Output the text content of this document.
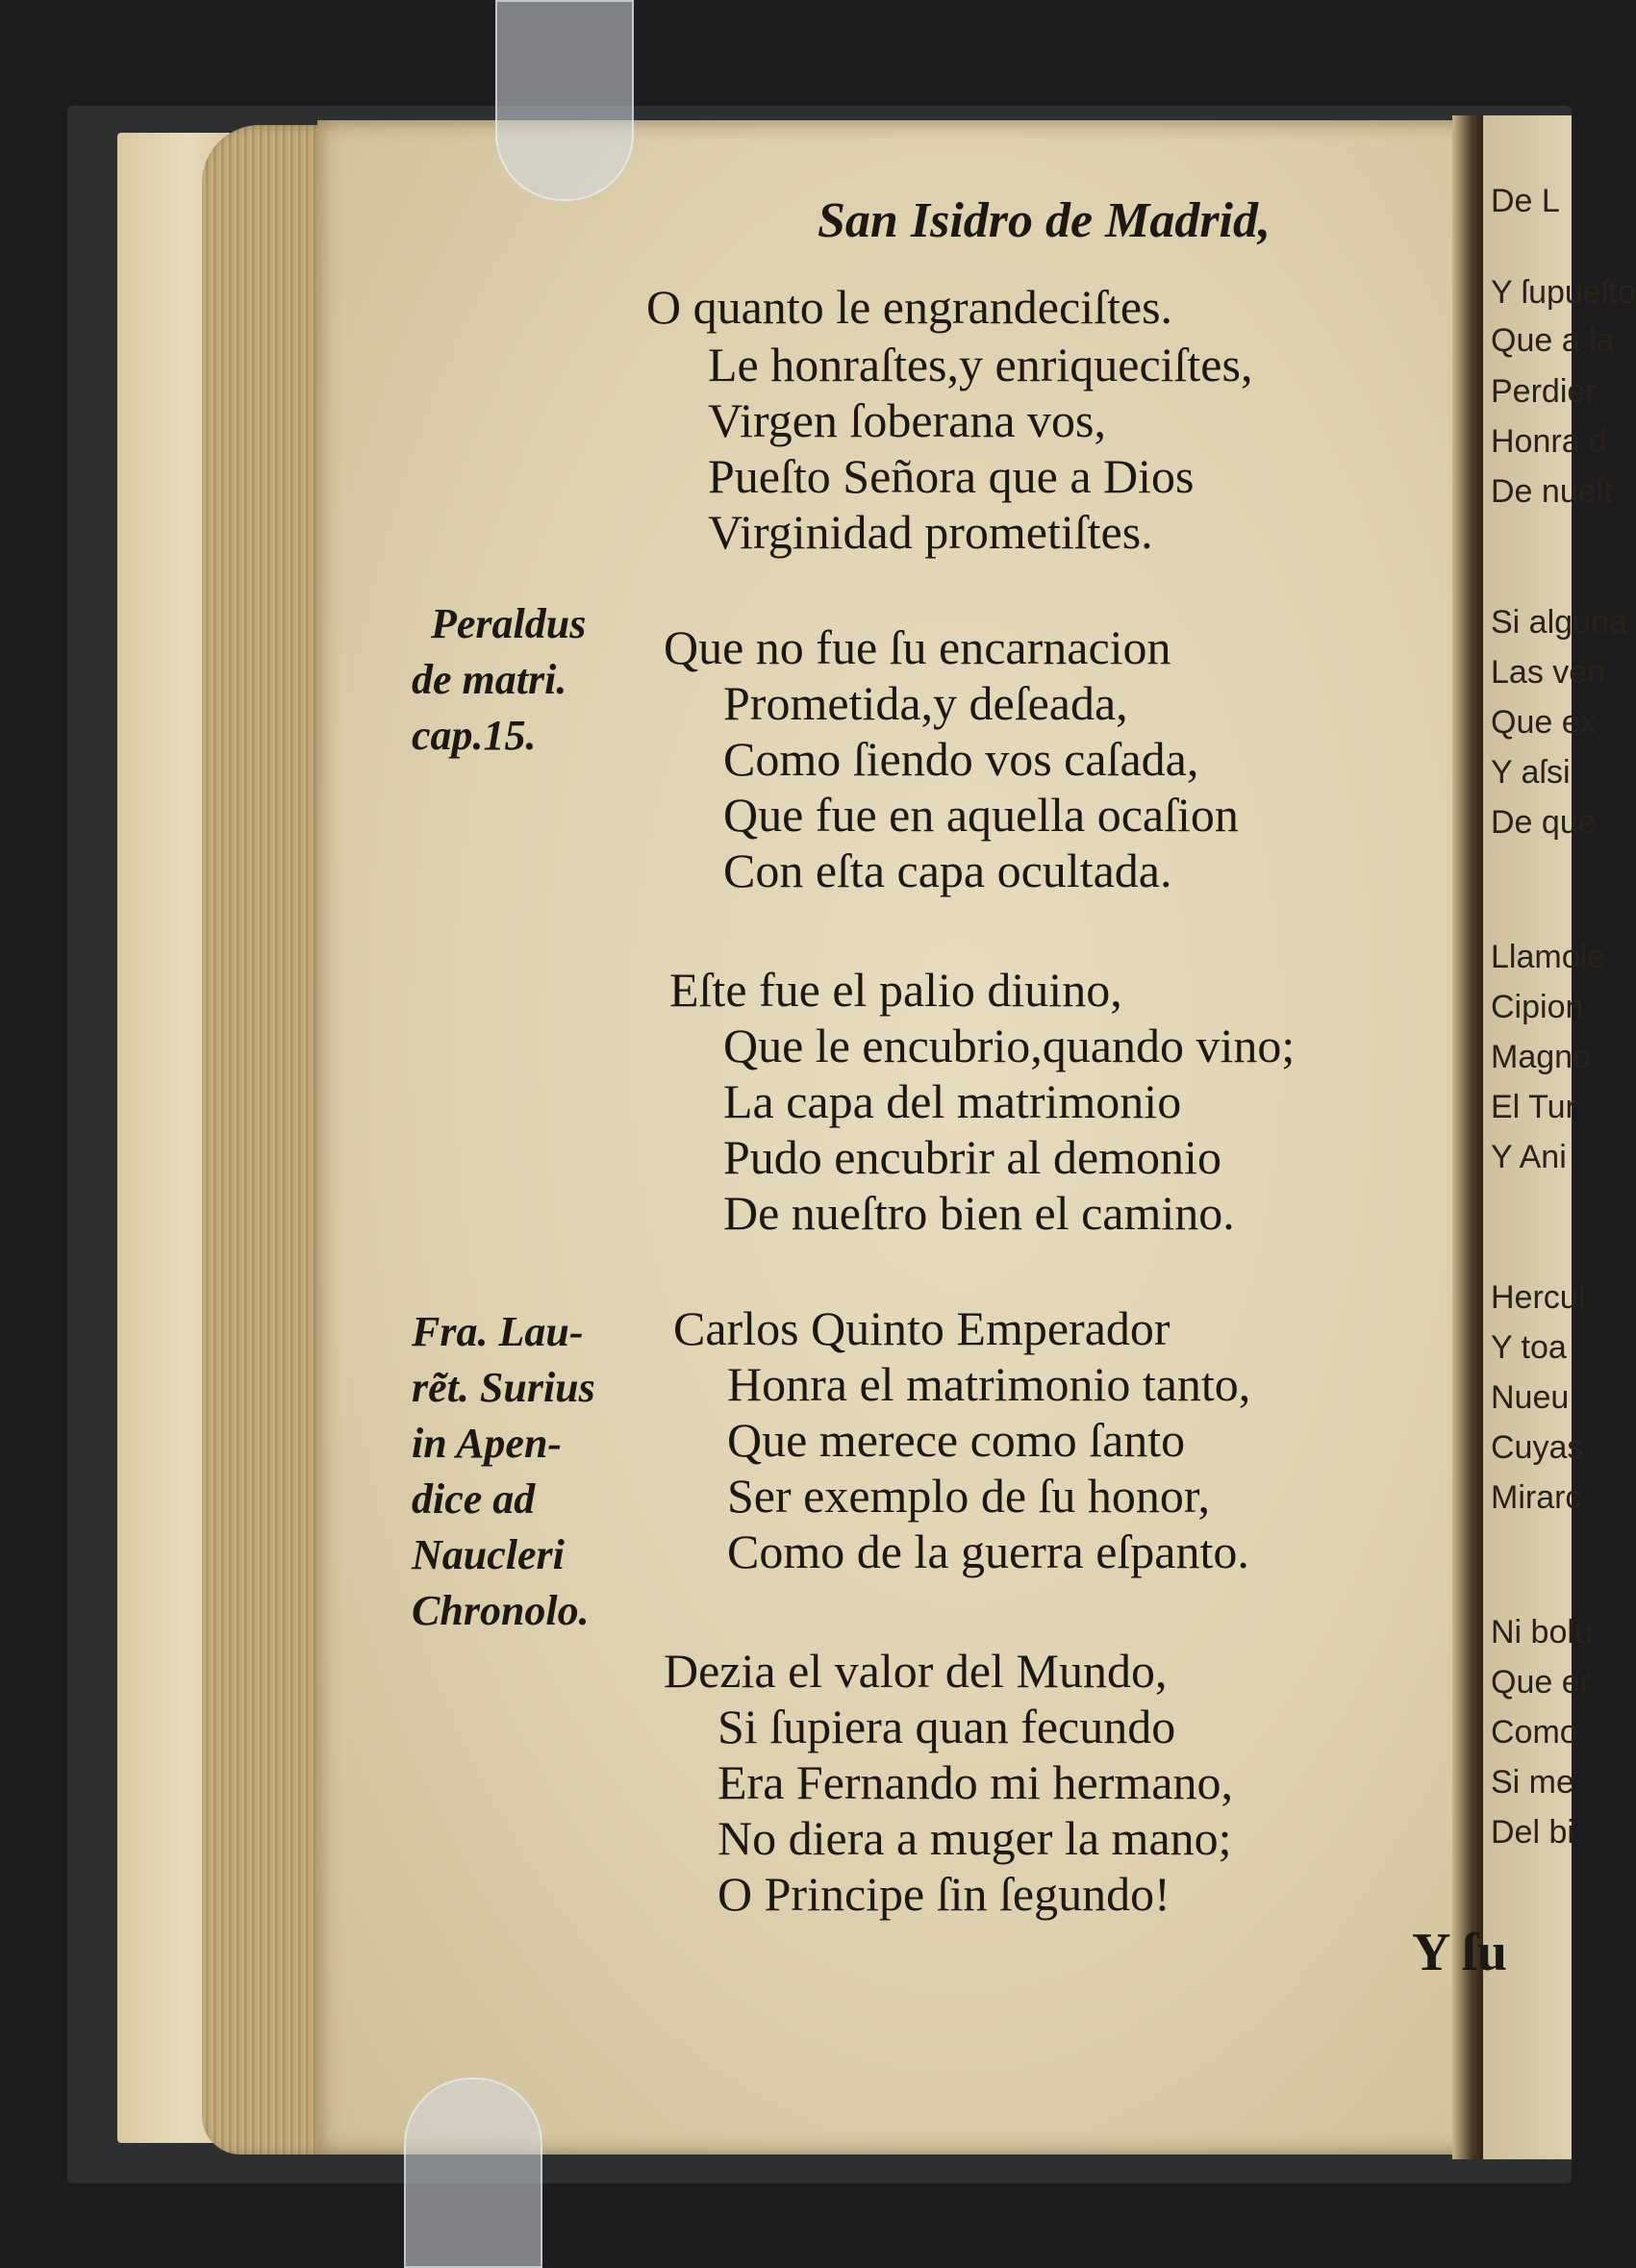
De L
Y ſupueſto
Que a la
Perdier
Honra d
De nueſt
Si alguna
Las ven
Que ex
Y aſsi
De que
Llamole
Cipion
Magno
El Tur
Y Ani
Hercul
Y toa
Nueu
Cuyas
Mirarc
Ni bolu
Que er
Como
Si me
Del bi
San Isidro de Madrid,
O quanto le engrandeciſtes.
Le honraſtes,y enriqueciſtes,
Virgen ſoberana vos,
Pueſto Señora que a Dios
Virginidad prometiſtes.
Que no fue ſu encarnacion
Prometida,y deſeada,
Como ſiendo vos caſada,
Que fue en aquella ocaſion
Con eſta capa ocultada.
Eſte fue el palio diuino,
Que le encubrio,quando vino;
La capa del matrimonio
Pudo encubrir al demonio
De nueſtro bien el camino.
Carlos Quinto Emperador
Honra el matrimonio tanto,
Que merece como ſanto
Ser exemplo de ſu honor,
Como de la guerra eſpanto.
Dezia el valor del Mundo,
Si ſupiera quan fecundo
Era Fernando mi hermano,
No diera a muger la mano;
O Principe ſin ſegundo!
Peraldus
de matri.
cap.15.
Fra. Lau-
rẽt. Surius
in Apen-
dice ad
Naucleri
Chronolo.
Y ſu
